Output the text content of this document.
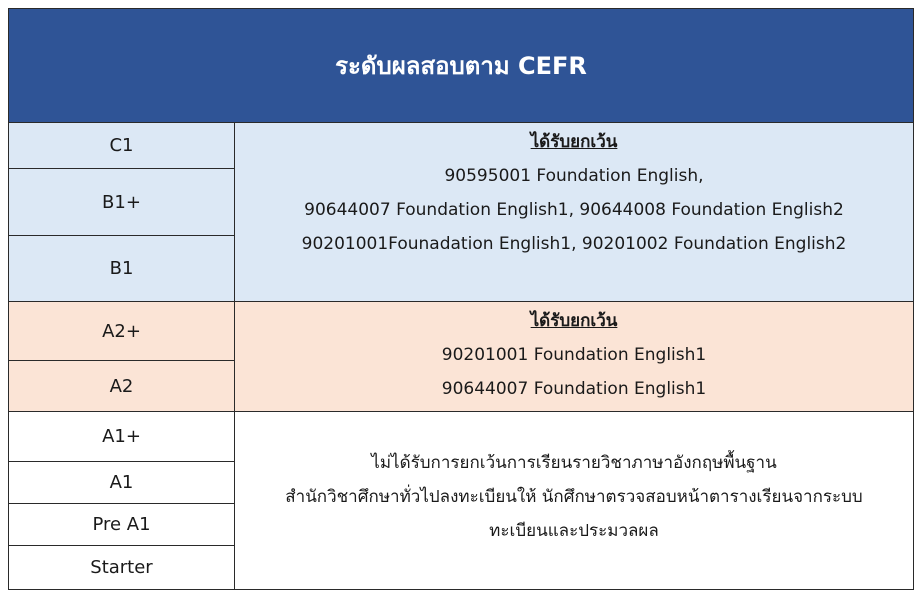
ระดับผลสอบตาม CEFR
C1
B1+
B1
ได้รับยกเว้น
90595001 Foundation English,
90644007 Foundation English1, 90644008 Foundation English2
90201001Founadation English1, 90201002 Foundation English2
A2+
A2
ได้รับยกเว้น
90201001 Foundation English1
90644007 Foundation English1
A1+
A1
Pre A1
Starter
ไม่ได้รับการยกเว้นการเรียนรายวิชาภาษาอังกฤษพื้นฐาน
สำนักวิชาศึกษาทั่วไปลงทะเบียนให้ นักศึกษาตรวจสอบหน้าตารางเรียนจากระบบ
ทะเบียนและประมวลผล
